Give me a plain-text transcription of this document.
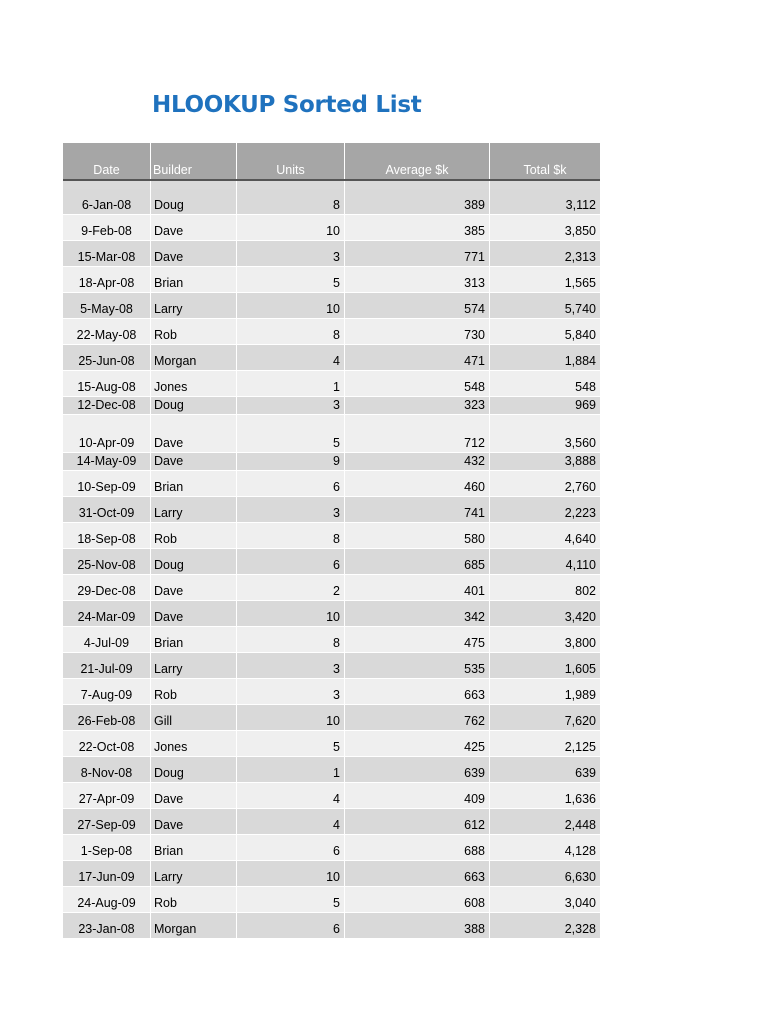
HLOOKUP Sorted List
Date	Builder	Units	Average $k	Total $k
6-Jan-08	Doug	8	389	3,112
9-Feb-08	Dave	10	385	3,850
15-Mar-08	Dave	3	771	2,313
18-Apr-08	Brian	5	313	1,565
5-May-08	Larry	10	574	5,740
22-May-08	Rob	8	730	5,840
25-Jun-08	Morgan	4	471	1,884
15-Aug-08	Jones	1	548	548
12-Dec-08	Doug	3	323	969
10-Apr-09	Dave	5	712	3,560
14-May-09	Dave	9	432	3,888
10-Sep-09	Brian	6	460	2,760
31-Oct-09	Larry	3	741	2,223
18-Sep-08	Rob	8	580	4,640
25-Nov-08	Doug	6	685	4,110
29-Dec-08	Dave	2	401	802
24-Mar-09	Dave	10	342	3,420
4-Jul-09	Brian	8	475	3,800
21-Jul-09	Larry	3	535	1,605
7-Aug-09	Rob	3	663	1,989
26-Feb-08	Gill	10	762	7,620
22-Oct-08	Jones	5	425	2,125
8-Nov-08	Doug	1	639	639
27-Apr-09	Dave	4	409	1,636
27-Sep-09	Dave	4	612	2,448
1-Sep-08	Brian	6	688	4,128
17-Jun-09	Larry	10	663	6,630
24-Aug-09	Rob	5	608	3,040
23-Jan-08	Morgan	6	388	2,328
